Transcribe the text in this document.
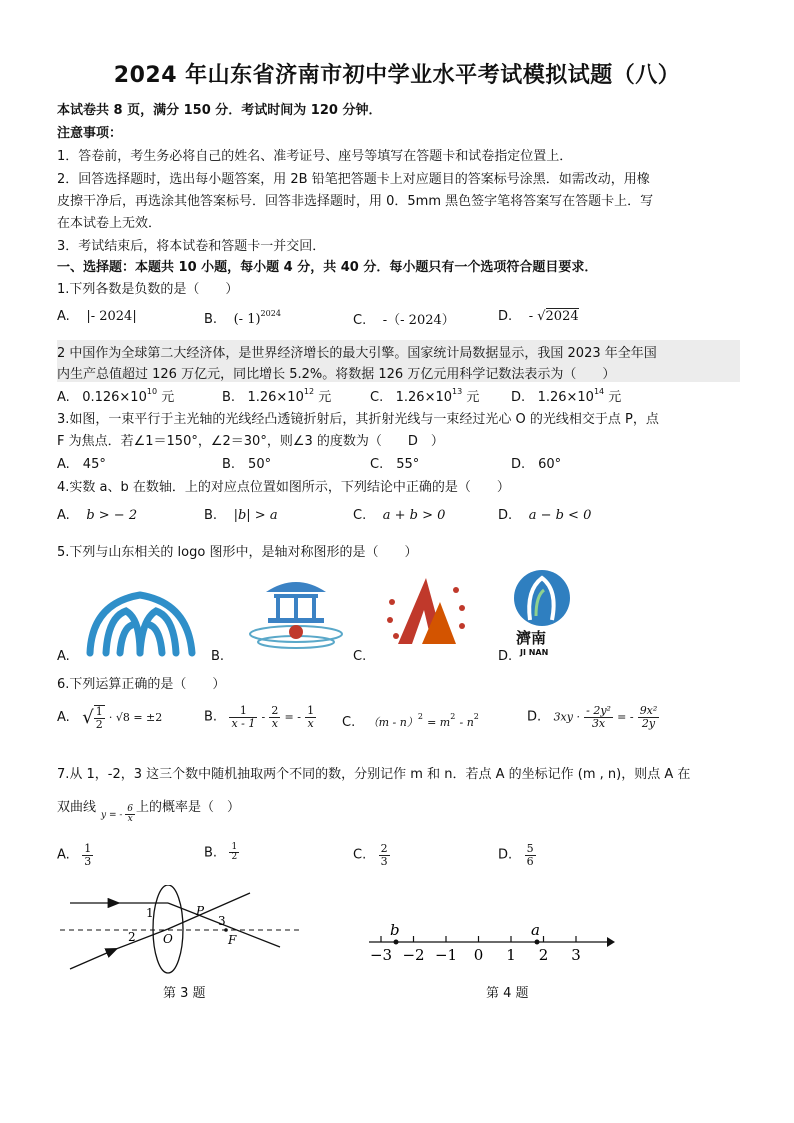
2024 年山东省济南市初中学业水平考试模拟试题（八）
本试卷共 8 页，满分 150 分．考试时间为 120 分钟．
注意事项：
1．答卷前，考生务必将自己的姓名、准考证号、座号等填写在答题卡和试卷指定位置上．
2．回答选择题时，选出每小题答案，用 2B 铅笔把答题卡上对应题目的答案标号涂黑．如需改动，用橡
皮擦干净后，再选涂其他答案标号．回答非选择题时，用 0．5mm 黑色签字笔将答案写在答题卡上．写
在本试卷上无效．
3．考试结束后，将本试卷和答题卡一并交回．
一、选择题：本题共 10 小题，每小题 4 分，共 40 分．每小题只有一个选项符合题目要求．
1.下列各数是负数的是（　　）
A. |- 2024|	B. (- 1)$^{2024}$	C. -（- 2024）	D. - √2024
2 中国作为全球第二大经济体，是世界经济增长的最大引擎。国家统计局数据显示，我国 2023 年全年国
内生产总值超过 126 万亿元，同比增长 5.2%。将数据 126 万亿元用科学记数法表示为（　　）
A. $0.126\times 10^{10}$ 元	B. $1.26\times 10^{12}$ 元	C. $1.26\times 10^{13}$ 元 D. $1.26\times 10^{14}$ 元
3.如图，一束平行于主光轴的光线经凸透镜折射后，其折射光线与一束经过光心 O 的光线相交于点 P，点
F 为焦点．若∠1＝150°，∠2＝30°，则∠3 的度数为（　　D　）
A.　45°	B.　50°	C.　55°	D.　60°
4.实数 a、b 在数轴．上的对应点位置如图所示，下列结论中正确的是（　　）
A. b > − 2	B. |b| > a	C. a + b > 0	D. a − b < 0
5.下列与山东相关的 logo 图形中，是轴对称图形的是（　　）
A.	B.	C.
濟南
JI NAN
D.
6.下列运算正确的是（　　）
A. √ $\frac{1}{2} \cdot √8 = \pm 2$	B. $\frac{1}{x - 1} - \frac{2}{x}$ = - $\frac{1}{x} C$. $(m - n)^2 = m^2 - n^2$	D. $3xy \cdot \frac{\text{- 2y²}}{3x}$ = - $\frac{\text{9x²}}{2y}$
7.从 1，-2，3 这三个数中随机抽取两个不同的数，分别记作 m 和 n．若点 A 的坐标记作 (m , n)，则点 A 在
双曲线	上的概率是（　）
y = - $\frac{6}{x}$
A. $\frac{1}{3}$	B. $\frac{1}{2}$	C. $\frac{2}{3}$	D. $\frac{5}{6}$
1
2
3
P
O	F
第 3 题
−3 −2 −1 0 1 2 3
b	a
第 4 题
